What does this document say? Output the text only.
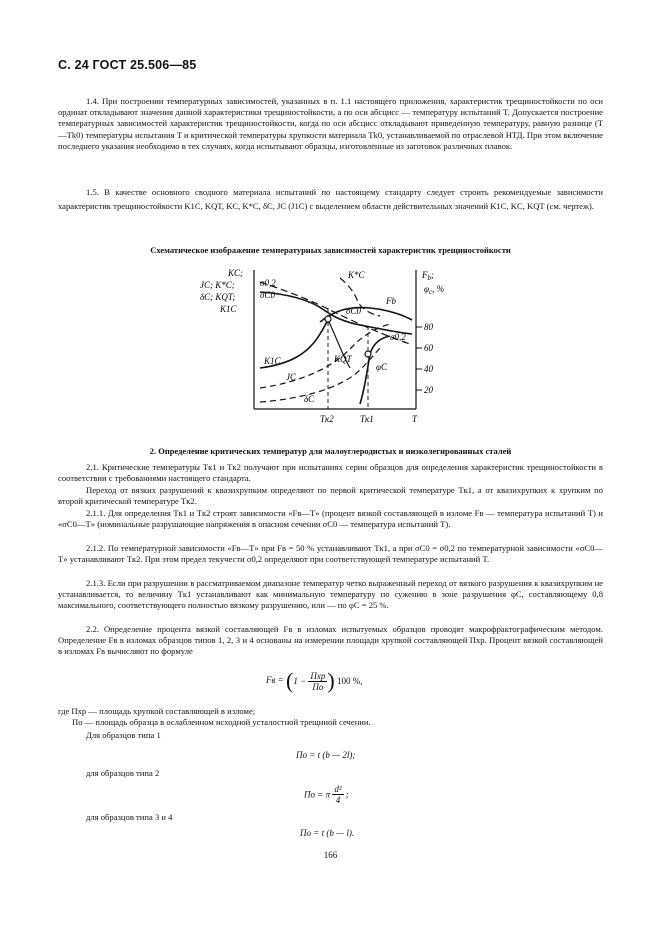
С. 24 ГОСТ 25.506—85
1.4. При построении температурных зависимостей, указанных в п. 1.1 настоящего приложения, характеристик трещиностойкости по оси ординат откладывают значения данной характеристики трещиностойкости, а по оси абсцисс — температуру испытаний T. Допускается построение температурных зависимостей характеристик трещиностойкости, когда по оси абсцисс откладывают приведенную температуру, равную разнице (T—Tk0) температуры испытания T и критической температуры хрупкости материала Tk0, устанавливаемой по отраслевой НТД. При этом включение последнего указания необходимо в тех случаях, когда испытывают образцы, изготовленные из заготовок различных плавок.
1.5. В качестве основного сводного материала испытаний по настоящему стандарту следует строить рекомендуемые зависимости характеристик трещиностойкости K1C, KQT, KC, K*C, δC, JC (J1C) с выделением области действительных значений K1C, KC, KQT (см. чертеж).
Схематическое изображение температурных зависимостей характеристик трещиностойкости
KC;
JC; K*C;
δC; KQT;
K1C
σ0,2
σC0
80
60
40
20
$F_b$;
$\varphi_c$, %
Tк2	Tк1	T
K*C
σC0
Fb
σ0,2
K1C	KQT
JC
δC
φC
2. Определение критических температур для малоуглеродистых и низколегированных сталей
2.1. Критические температуры Tк1 и Tк2 получают при испытаниях серии образцов для определения характеристик трещиностойкости в соответствии с требованиями настоящего стандарта.
Переход от вязких разрушений к квазихрупким определяют по первой критической температуре Tк1, а от квазихрупких к хрупким по второй критической температуре Tк2.
2.1.1. Для определения Tк1 и Tк2 строят зависимости «Fв—T» (процент вязкой составляющей в изломе Fв — температура испытаний T) и «σC0—T» (номинальные разрушающие напряжения в опасном сечении σC0 — температура испытаний T).
2.1.2. По температурной зависимости «Fв—T» при Fв = 50 % устанавливают Tк1, а при σC0 = σ0,2 по температурной зависимости «σC0—T» устанавливают Tк2. При этом предел текучести σ0,2 определяют при соответствующей температуре испытаний T.
2.1.3. Если при разрушении в рассматриваемом диапазоне температур четко выраженный переход от вязкого разрушения к квазихрупким не устанавливается, то величину Tк1 устанавливают как минимальную температуру по сужению в зоне разрушения φC, составляющему 0,8 максимального, соответствующего полностью вязкому разрушению, или — по φC = 25 %.
2.2. Определение процента вязкой составляющей Fв в изломах испытуемых образцов проводят макрофрактографическим методом. Определение Fв в изломах образцов типов 1, 2, 3 и 4 основаны на измерении площади хрупкой составляющей Пхр. Процент вязкой составляющей в изломах Fв вычисляют по формуле
Fв = (1 −
Пхр
По ) 100 %,
где Пхр — площадь хрупкой составляющей в изломе;
По — площадь образца в ослабленном исходной усталостной трещиной сечении.
Для образцов типа 1
По = t (b — 2l);
для образцов типа 2
По = π $\frac{\text{d²}}{4}$ ;
для образцов типа 3 и 4
По = t (b — l).
166
